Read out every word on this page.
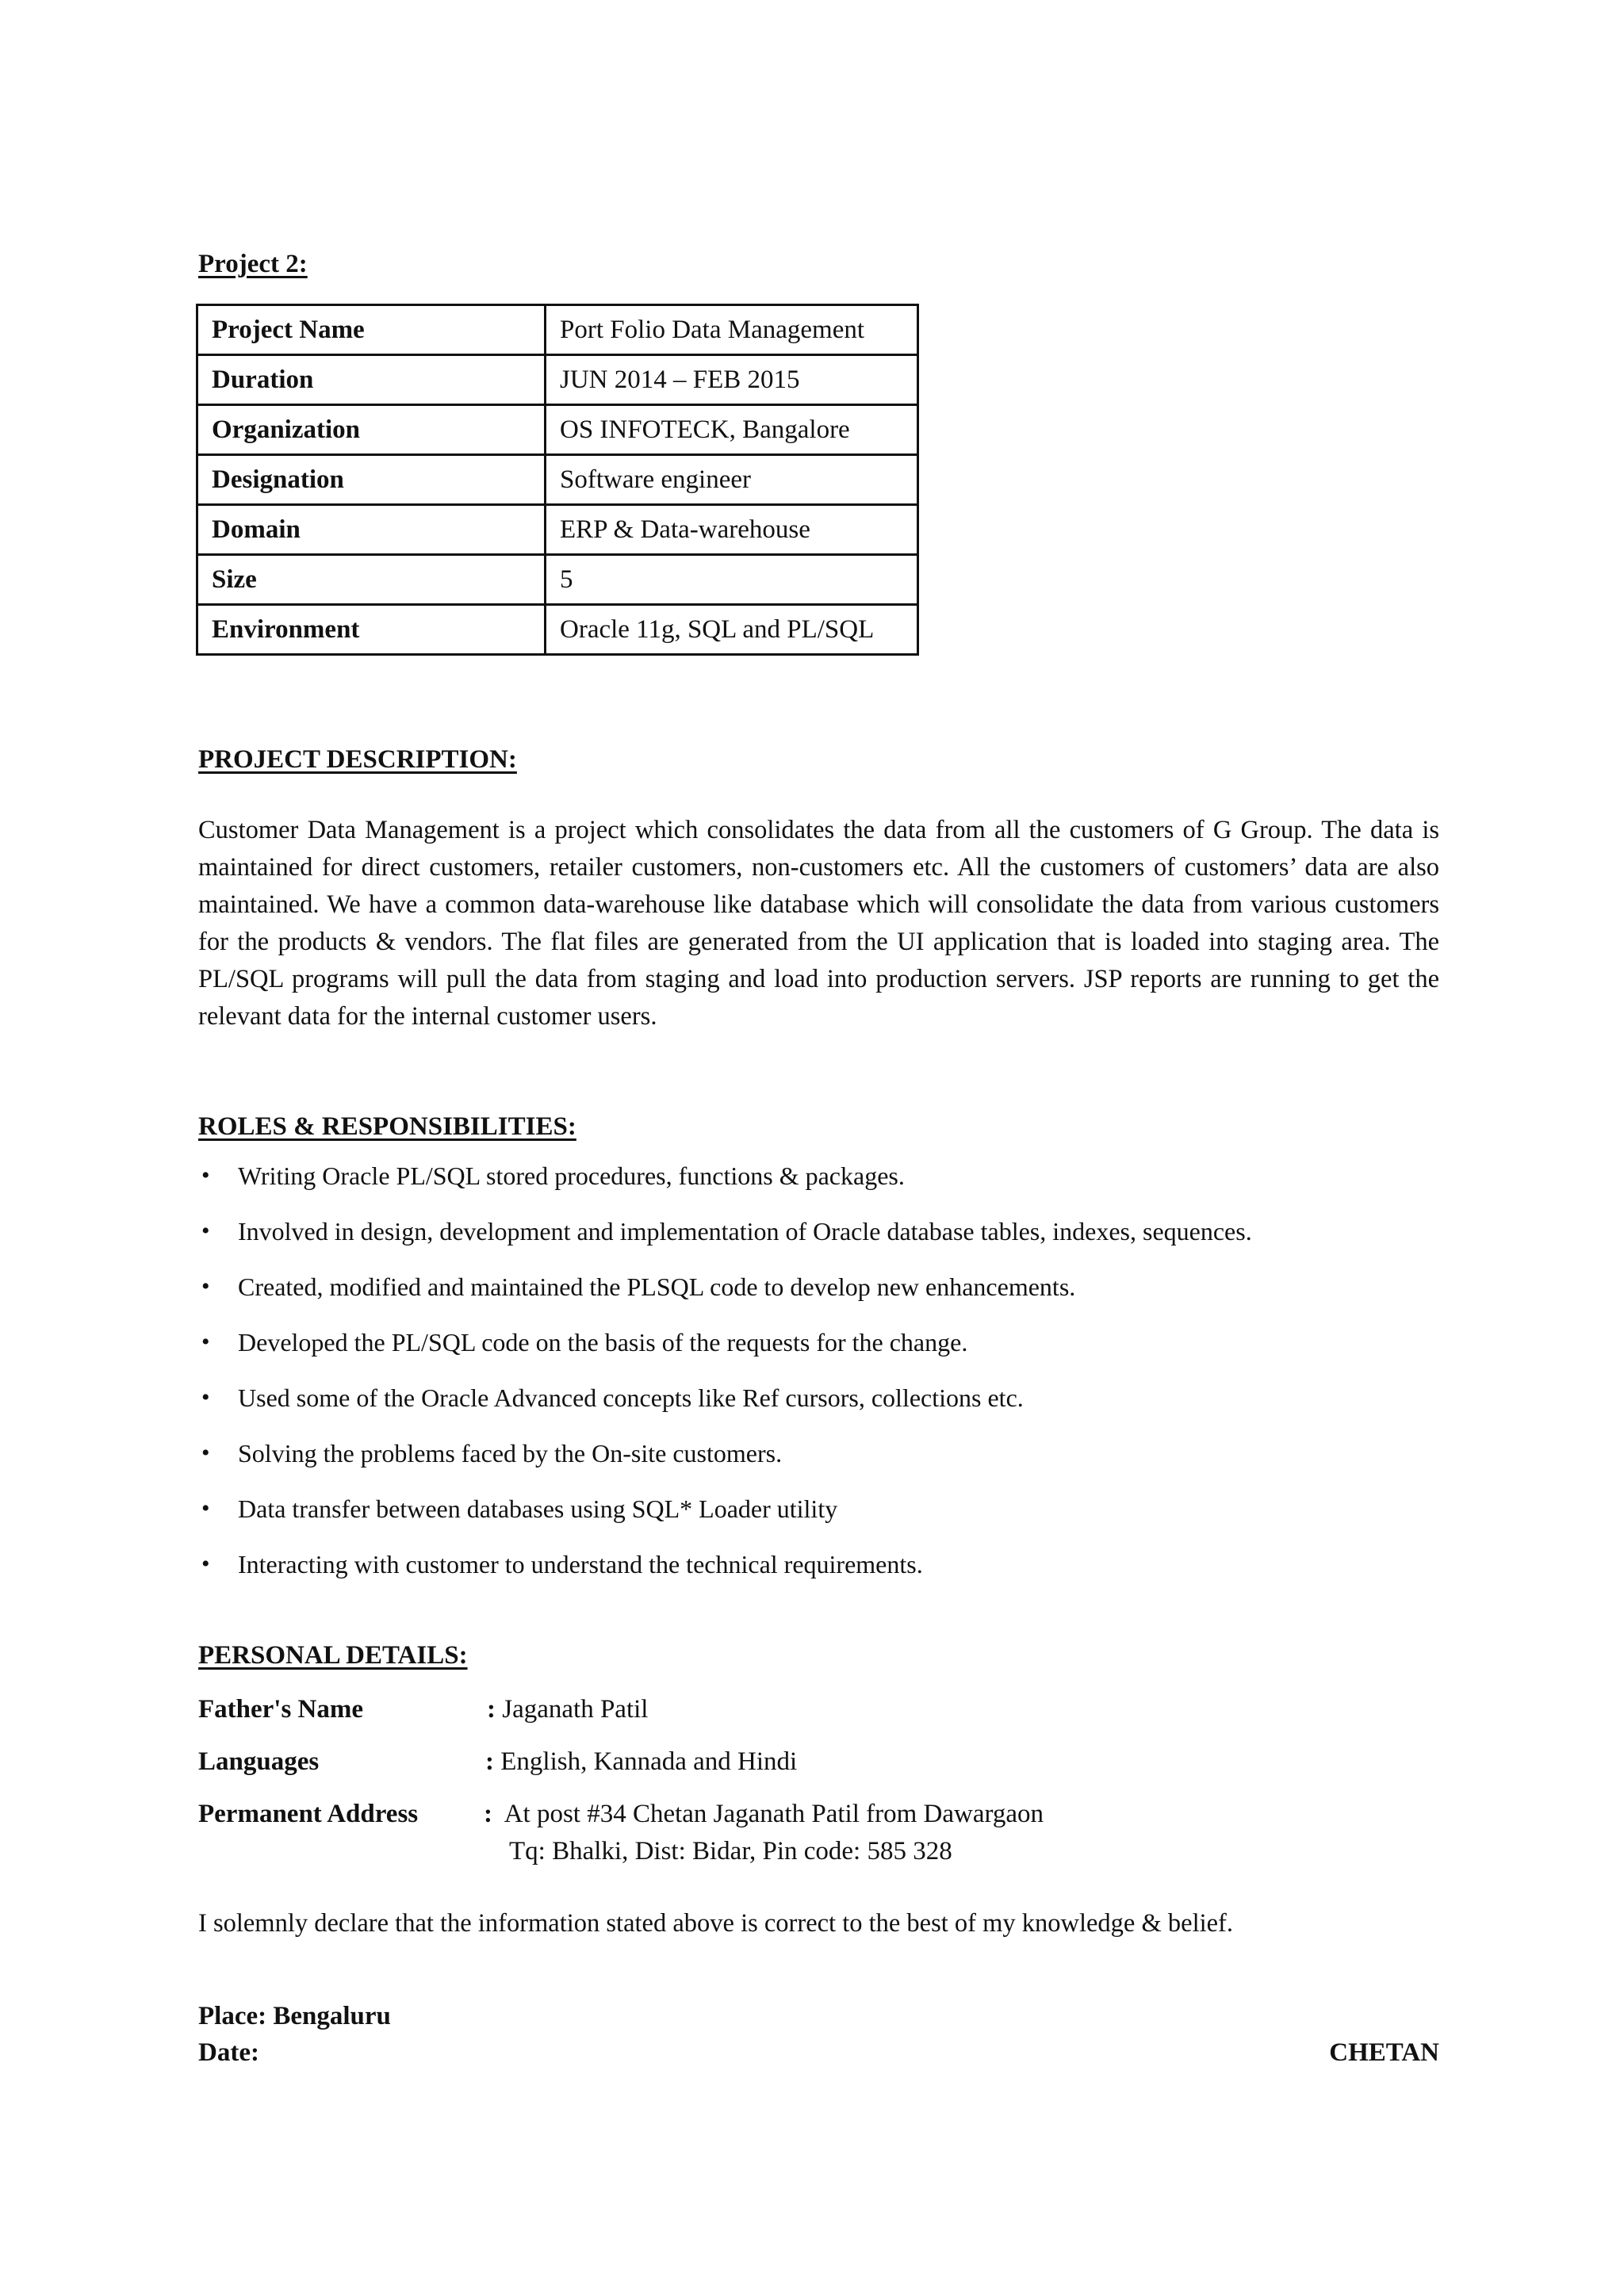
Project 2:
Project Name	Port Folio Data Management
Duration	JUN 2014 – FEB 2015
Organization	OS INFOTECK, Bangalore
Designation	Software engineer
Domain	ERP & Data-warehouse
Size	5
Environment	Oracle 11g, SQL and PL/SQL
PROJECT DESCRIPTION:

Customer Data Management is a project which consolidates the data from all the customers of G Group. The data is maintained for direct customers, retailer customers, non-customers etc. All the customers of customers’ data are also maintained. We have a common data-warehouse like database which will consolidate the data from various customers for the products & vendors. The flat files are generated from the UI application that is loaded into staging area. The PL/SQL programs will pull the data from staging and load into production servers. JSP reports are running to get the relevant data for the internal customer users.

ROLES & RESPONSIBILITIES:
• Writing Oracle PL/SQL stored procedures, functions & packages.
• Involved in design, development and implementation of Oracle database tables, indexes, sequences.
• Created, modified and maintained the PLSQL code to develop new enhancements.
• Developed the PL/SQL code on the basis of the requests for the change.
• Used some of the Oracle Advanced concepts like Ref cursors, collections etc.
• Solving the problems faced by the On-site customers.
• Data transfer between databases using SQL* Loader utility
• Interacting with customer to understand the technical requirements.
PERSONAL DETAILS:
Father's Name	: Jaganath Patil
Languages	: English, Kannada and Hindi
Permanent Address	: At post #34 Chetan Jaganath Patil from Dawargaon
Tq: Bhalki, Dist: Bidar, Pin code: 585 328
I solemnly declare that the information stated above is correct to the best of my knowledge & belief.
Place: Bengaluru
Date:	CHETAN
